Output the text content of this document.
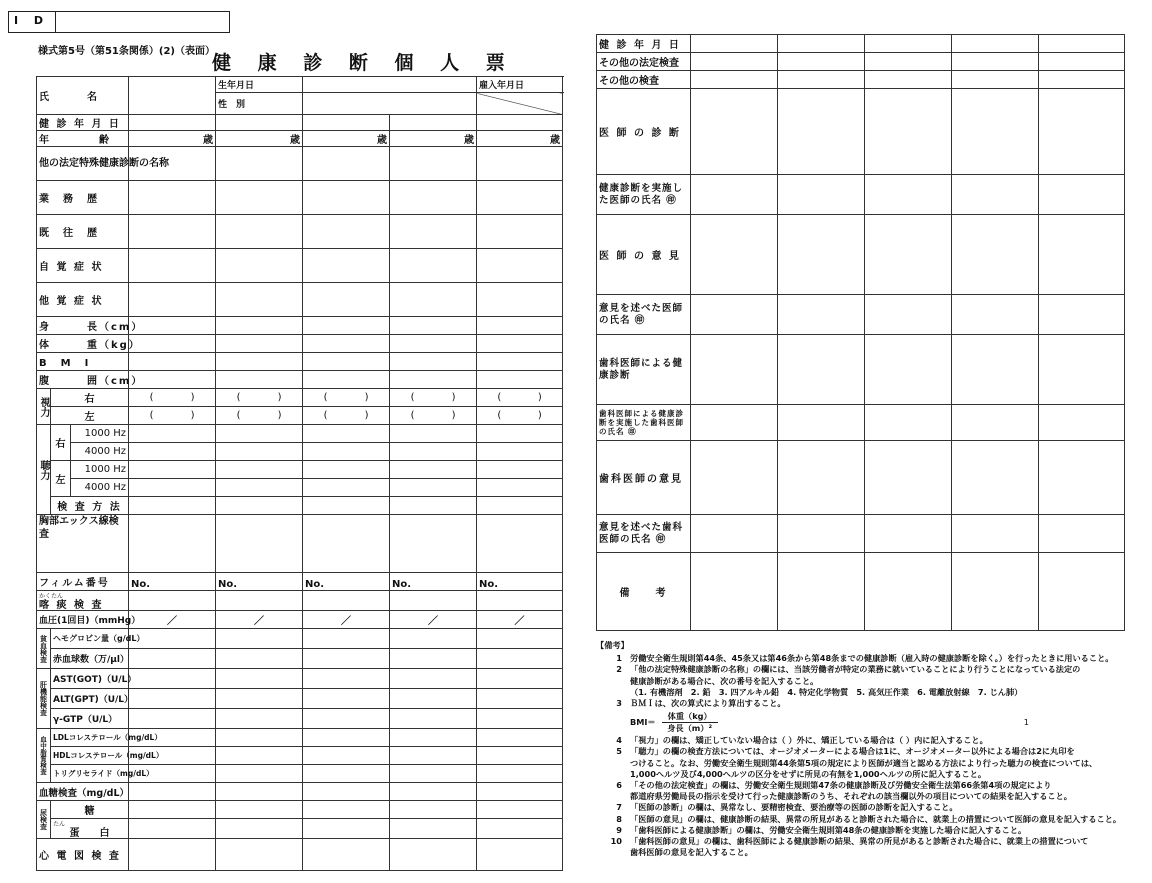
I D
様式第5号（第51条関係）(2)（表面）
健 康 診 断 個 人 票
氏　　　名				生年月日			雇入年月日
				性　別			
健 診 年 月 日							
年　　　　齢			歳	歳	歳	歳	歳
他の法定特殊健康診断の名称							
業　務　歴							
既　往　歴							
自 覚 症 状							
他 覚 症 状							
身　　　長（cm）							
体　　　重（kg）							
B　M　I							
腹　　　囲（cm）							
視力	右		( )	( )	( )	( )	( )

	左		( )	( )	( )	( )	( )

聴力	右	1000 Hz					
		4000 Hz					
	左	1000 Hz					
		4000 Hz					
	検 査 方 法						
胸部エックス線検査							
フィルム番号			No.	No.	No.	No.	No.

かくたん
喀 痰 検 査							

血圧(1回目)（mmHg）			／	／	／	／	／
貧血検査	ヘモグロビン量（g/dL）						
	赤血球数（万/μl）						
肝機能検査	AST(GOT)（U/L）						
	ALT(GPT)（U/L）						
	γ-GTP（U/L）						
血中脂質検査	LDLコレステロール（mg/dL）						
	HDLコレステロール（mg/dL）						
	トリグリセライド（mg/dL）						
血糖検査（mg/dL）							
尿検査	糖						

	たん
蛋　　白						

心 電 図 検 査							
健 診 年 月 日					
その他の法定検査					
その他の検査					
医 師 の 診 断					
健康診断を実施した医師の氏名 ㊞					
医 師 の 意 見					
意見を述べた医師の氏名 ㊞					
歯科医師による健康診断					
歯科医師による健康診断を実施した歯科医師の氏名 ㊞					
歯科医師の意見					
意見を述べた歯科医師の氏名 ㊞					
備　　考					
【備考】
1 労働安全衛生規則第44条、45条又は第46条から第48条までの健康診断（雇入時の健康診断を除く。）を行ったときに用いること。
2 「他の法定特殊健康診断の名称」の欄には、当該労働者が特定の業務に就いていることにより行うことになっている法定の
健康診断がある場合に、次の番号を記入すること。
（1. 有機溶剤　2. 鉛　3. 四アルキル鉛　4. 特定化学物質　5. 高気圧作業　6. 電離放射線　7. じん肺）
3 ＢＭＩは、次の算式により算出すること。
$BMI= \frac{\text{体重（kg）}}{\text{身長（m）²}}$	1
4 「視力」の欄は、矯正していない場合は（ ）外に、矯正している場合は（ ）内に記入すること。
5 「聴力」の欄の検査方法については、オージオメーターによる場合は1に、オージオメーター以外による場合は2に丸印を
つけること。なお、労働安全衛生規則第44条第5項の規定により医師が適当と認める方法により行った聴力の検査については、
1,000ヘルツ及び4,000ヘルツの区分をせずに所見の有無を1,000ヘルツの所に記入すること。
6 「その他の法定検査」の欄は、労働安全衛生規則第47条の健康診断及び労働安全衛生法第66条第4項の規定により
都道府県労働局長の指示を受けて行った健康診断のうち、それぞれの該当欄以外の項目についての結果を記入すること。
7 「医師の診断」の欄は、異常なし、要精密検査、要治療等の医師の診断を記入すること。
8 「医師の意見」の欄は、健康診断の結果、異常の所見があると診断された場合に、就業上の措置について医師の意見を記入すること。
9 「歯科医師による健康診断」の欄は、労働安全衛生規則第48条の健康診断を実施した場合に記入すること。
10 「歯科医師の意見」の欄は、歯科医師による健康診断の結果、異常の所見があると診断された場合に、就業上の措置について
歯科医師の意見を記入すること。
